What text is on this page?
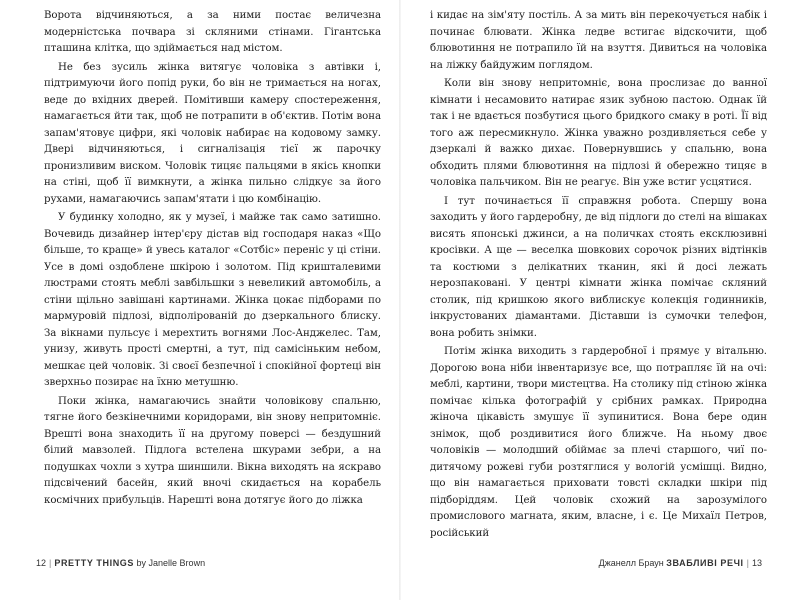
Ворота відчиняються, а за ними постає величезна модерністська почвара зі скляними стінами. Гігантська пташина клітка, що здіймається над містом.

Не без зусиль жінка витягує чоловіка з автівки і, підтримуючи його попід руки, бо він не тримається на ногах, веде до вхідних дверей. Помітивши камеру спостереження, намагається йти так, щоб не потрапити в об'єктив. Потім вона запам'ятовує цифри, які чоловік набирає на кодовому замку. Двері відчиняються, і сигналізація тієї ж парочку пронизливим виском. Чоловік тицяє пальцями в якісь кнопки на стіні, щоб її вимкнути, а жінка пильно слідкує за його рухами, намагаючись запам'ятати і цю комбінацію.

У будинку холодно, як у музеї, і майже так само затишно. Вочевидь дизайнер інтер'єру дістав від господаря наказ «Що більше, то краще» й увесь каталог «Сотбіс» переніс у ці стіни. Усе в домі оздоблене шкірою і золотом. Під кришталевими люстрами стоять меблі завбільшки з невеликий автомобіль, а стіни щільно завішані картинами. Жінка цокає підборами по мармуровій підлозі, відполірованій до дзеркального блиску. За вікнами пульсує і мерехтить вогнями Лос-Анджелес. Там, унизу, живуть прості смертні, а тут, під самісіньким небом, мешкає цей чоловік. Зі своєї безпечної і спокійної фортеці він зверхньо позирає на їхню метушню.

Поки жінка, намагаючись знайти чоловікову спальню, тягне його безкінечними коридорами, він знову непритомніє. Врешті вона знаходить її на другому поверсі — бездушний білий мавзолей. Підлога встелена шкурами зебри, а на подушках чохли з хутра шиншили. Вікна виходять на яскраво підсвічений басейн, який вночі скидається на корабель космічних прибульців. Нарешті вона дотягує його до ліжка

12 | PRETTY THINGS by Janelle Brown

і кидає на зім'яту постіль. А за мить він перекочується набік і починає блювати. Жінка ледве встигає відскочити, щоб блювотиння не потрапило їй на взуття. Дивиться на чоловіка на ліжку байдужим поглядом.

Коли він знову непритомніє, вона прослизає до ванної кімнати і несамовито натирає язик зубною пастою. Однак їй так і не вдається позбутися цього бридкого смаку в роті. Її від того аж пересмикнуло. Жінка уважно роздивляється себе у дзеркалі й важко дихає. Повернувшись у спальню, вона обходить плями блювотиння на підлозі й обережно тицяє в чоловіка пальчиком. Він не реагує. Він уже встиг усцятися.

І тут починається її справжня робота. Спершу вона заходить у його гардеробну, де від підлоги до стелі на вішаках висять японські джинси, а на поличках стоять ексклюзивні кросівки. А ще — веселка шовкових сорочок різних відтінків та костюми з делікатних тканин, які й досі лежать нерозпаковані. У центрі кімнати жінка помічає скляний столик, під кришкою якого виблискує колекція годинників, інкрустованих діамантами. Діставши із сумочки телефон, вона робить знімки.

Потім жінка виходить з гардеробної і прямує у вітальню. Дорогою вона ніби інвентаризує все, що потрапляє їй на очі: меблі, картини, твори мистецтва. На столику під стіною жінка помічає кілька фотографій у срібних рамках. Природна жіноча цікавість змушує її зупинитися. Вона бере один знімок, щоб роздивитися його ближче. На ньому двоє чоловіків — молодший обіймає за плечі старшого, чиї по-дитячому рожеві губи розтяглися у вологій усмішці. Видно, що він намагається приховати товсті складки шкіри під підборіддям. Цей чоловік схожий на зарозумілого промислового магната, яким, власне, і є. Це Михаїл Петров, російський

Джанелл Браун ЗВАБЛИВІ РЕЧІ | 13
